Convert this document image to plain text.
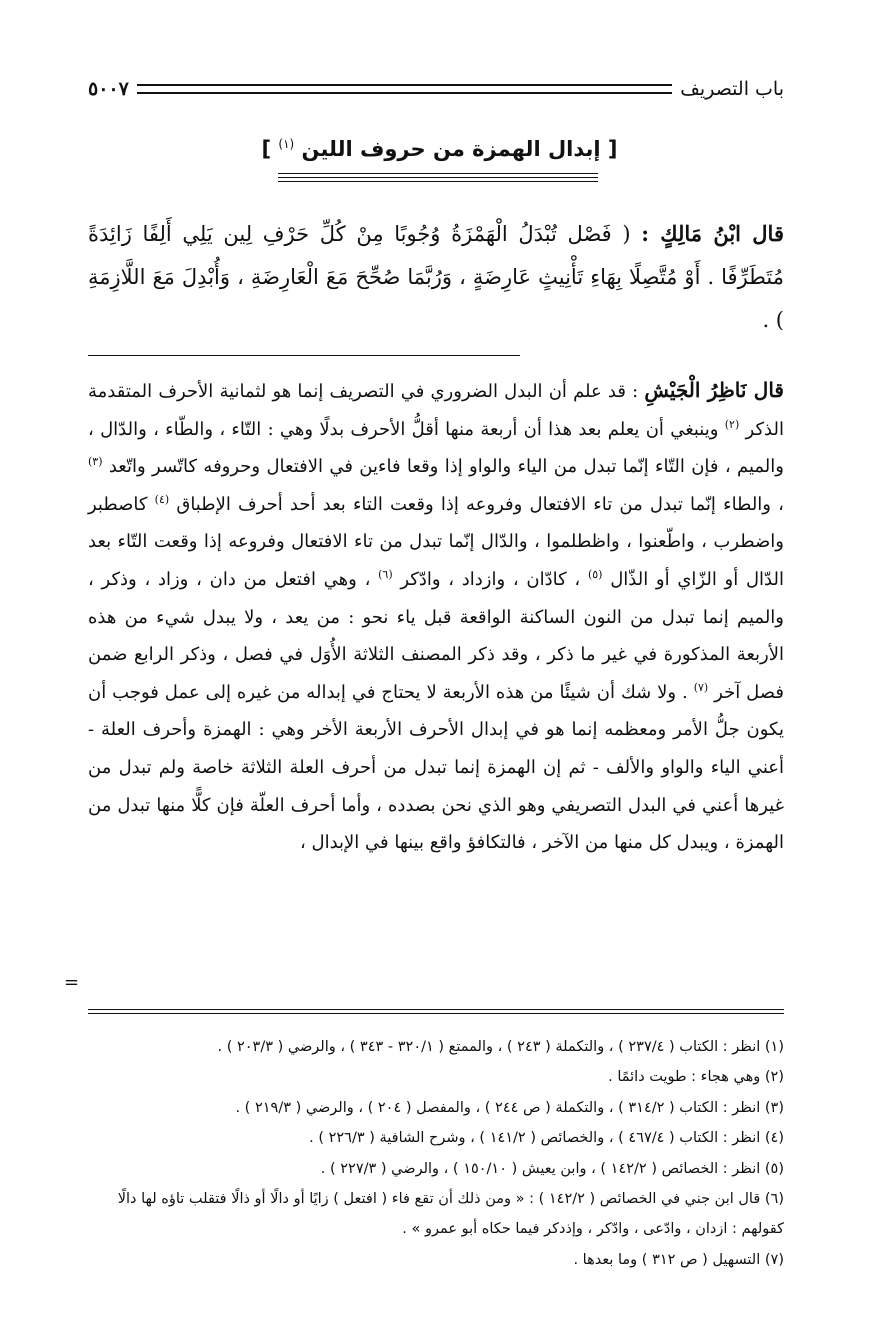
باب التصريف
٥٠٠٧
[ إبدال الهمزة من حروف اللين $^{(١)}$ ]
قال ابْنُ مَالِكٍ : ( فَصْل تُبْدَلُ الْهَمْزَةُ وُجُوبًا مِنْ كُلِّ حَرْفِ لِين يَلِي أَلِفًا زَائِدَةً مُتَطَرِّفًا . أَوْ مُتَّصِلًا بِهَاءِ تَأْنِيثٍ عَارِضَةٍ ، وَرُبَّمَا صُحِّحَ مَعَ الْعَارِضَةِ ، وَأُبْدِلَ مَعَ اللَّازِمَةِ ) .
قال نَاظِرُ الْجَيْشِ : قد علم أن البدل الضروري في التصريف إنما هو لثمانية الأحرف المتقدمة الذكر $^{(٢)}$ وينبغي أن يعلم بعد هذا أن أربعة منها أقلُّ الأحرف بدلًا وهي : التّاء ، والطّاء ، والدّال ، والميم ، فإن التّاء إنّما تبدل من الياء والواو إذا وقعا فاءين في الافتعال وحروفه كاتّسر واتّعد $^{(٣)}$ ، والطاء إنّما تبدل من تاء الافتعال وفروعه إذا وقعت التاء بعد أحد أحرف الإطباق $^{(٤)}$ كاصطبر واضطرب ، واطّعنوا ، واظطلموا ، والدّال إنّما تبدل من تاء الافتعال وفروعه إذا وقعت التّاء بعد الدّال أو الزّاي أو الذّال $^{(٥)}$ ، كادّان ، وازداد ، وادّكر $^{(٦)}$ ، وهي افتعل من دان ، وزاد ، وذكر ، والميم إنما تبدل من النون الساكنة الواقعة قبل ياء نحو : من يعد ، ولا يبدل شيء من هذه الأربعة المذكورة في غير ما ذكر ، وقد ذكر المصنف الثلاثة الأُوَل في فصل ، وذكر الرابع ضمن فصل آخر $^{(٧)}$ . ولا شك أن شيئًا من هذه الأربعة لا يحتاج في إبداله من غيره إلى عمل فوجب أن يكون جلُّ الأمر ومعظمه إنما هو في إبدال الأحرف الأربعة الأخر وهي : الهمزة وأحرف العلة - أعني الياء والواو والألف - ثم إن الهمزة إنما تبدل من أحرف العلة الثلاثة خاصة ولم تبدل من غيرها أعني في البدل التصريفي وهو الذي نحن بصدده ، وأما أحرف العلّة فإن كلًّا منها تبدل من الهمزة ، ويبدل كل منها من الآخر ، فالتكافؤ واقع بينها في الإبدال ،
=
(١) انظر : الكتاب ( ٢٣٧/٤ ) ، والتكملة ( ٢٤٣ ) ، والممتع ( ٣٢٠/١ - ٣٤٣ ) ، والرضي ( ٢٠٣/٣ ) .
(٢) وهي هجاء : طويت دائمًا .
(٣) انظر : الكتاب ( ٣١٤/٢ ) ، والتكملة ( ص ٢٤٤ ) ، والمفصل ( ٢٠٤ ) ، والرضي ( ٢١٩/٣ ) .
(٤) انظر : الكتاب ( ٤٦٧/٤ ) ، والخصائص ( ١٤١/٢ ) ، وشرح الشافية ( ٢٢٦/٣ ) .
(٥) انظر : الخصائص ( ١٤٢/٢ ) ، وابن يعيش ( ١٥٠/١٠ ) ، والرضي ( ٢٢٧/٣ ) .
(٦) قال ابن جني في الخصائص ( ١٤٢/٢ ) : « ومن ذلك أن تقع فاء ( افتعل ) زايًا أو دالًا أو ذالًا فتقلب تاؤه لها دالًا كقولهم : ازدان ، وادّعى ، وادّكر ، وإذدكر فيما حكاه أبو عمرو » .
(٧) التسهيل ( ص ٣١٢ ) وما بعدها .
